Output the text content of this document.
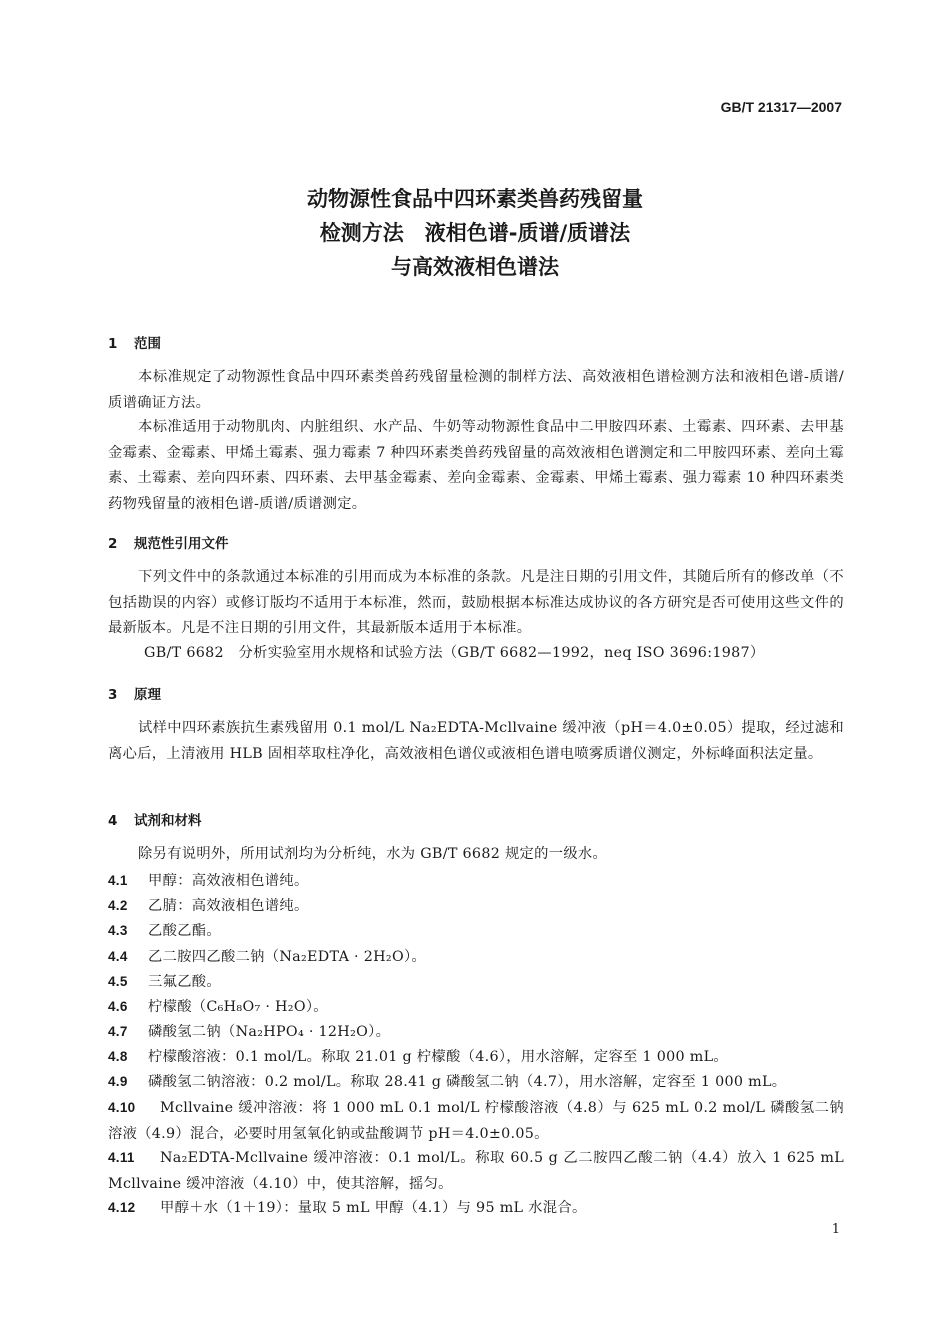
GB/T 21317—2007
动物源性食品中四环素类兽药残留量
检测方法　液相色谱-质谱/质谱法
与高效液相色谱法
1 范围
本标准规定了动物源性食品中四环素类兽药残留量检测的制样方法、高效液相色谱检测方法和液相色谱-质谱/质谱确证方法。
本标准适用于动物肌肉、内脏组织、水产品、牛奶等动物源性食品中二甲胺四环素、土霉素、四环素、去甲基金霉素、金霉素、甲烯土霉素、强力霉素 7 种四环素类兽药残留量的高效液相色谱测定和二甲胺四环素、差向土霉素、土霉素、差向四环素、四环素、去甲基金霉素、差向金霉素、金霉素、甲烯土霉素、强力霉素 10 种四环素类药物残留量的液相色谱-质谱/质谱测定。
2 规范性引用文件
下列文件中的条款通过本标准的引用而成为本标准的条款。凡是注日期的引用文件，其随后所有的修改单（不包括勘误的内容）或修订版均不适用于本标准，然而，鼓励根据本标准达成协议的各方研究是否可使用这些文件的最新版本。凡是不注日期的引用文件，其最新版本适用于本标准。
GB/T 6682　分析实验室用水规格和试验方法（GB/T 6682—1992，neq ISO 3696:1987）
3 原理
试样中四环素族抗生素残留用 0.1 mol/L Na₂EDTA-Mcllvaine 缓冲液（pH＝4.0±0.05）提取，经过滤和离心后，上清液用 HLB 固相萃取柱净化，高效液相色谱仪或液相色谱电喷雾质谱仪测定，外标峰面积法定量。
4 试剂和材料
除另有说明外，所用试剂均为分析纯，水为 GB/T 6682 规定的一级水。
4.1 甲醇：高效液相色谱纯。
4.2 乙腈：高效液相色谱纯。
4.3 乙酸乙酯。
4.4 乙二胺四乙酸二钠（Na₂EDTA · 2H₂O）。
4.5 三氟乙酸。
4.6 柠檬酸（C₆H₈O₇ · H₂O）。
4.7 磷酸氢二钠（Na₂HPO₄ · 12H₂O）。
4.8 柠檬酸溶液：0.1 mol/L。称取 21.01 g 柠檬酸（4.6），用水溶解，定容至 1 000 mL。
4.9 磷酸氢二钠溶液：0.2 mol/L。称取 28.41 g 磷酸氢二钠（4.7），用水溶解，定容至 1 000 mL。
4.10 Mcllvaine 缓冲溶液：将 1 000 mL 0.1 mol/L 柠檬酸溶液（4.8）与 625 mL 0.2 mol/L 磷酸氢二钠溶液（4.9）混合，必要时用氢氧化钠或盐酸调节 pH＝4.0±0.05。
4.11 Na₂EDTA-Mcllvaine 缓冲溶液：0.1 mol/L。称取 60.5 g 乙二胺四乙酸二钠（4.4）放入 1 625 mL Mcllvaine 缓冲溶液（4.10）中，使其溶解，摇匀。
4.12 甲醇＋水（1＋19）：量取 5 mL 甲醇（4.1）与 95 mL 水混合。
1
